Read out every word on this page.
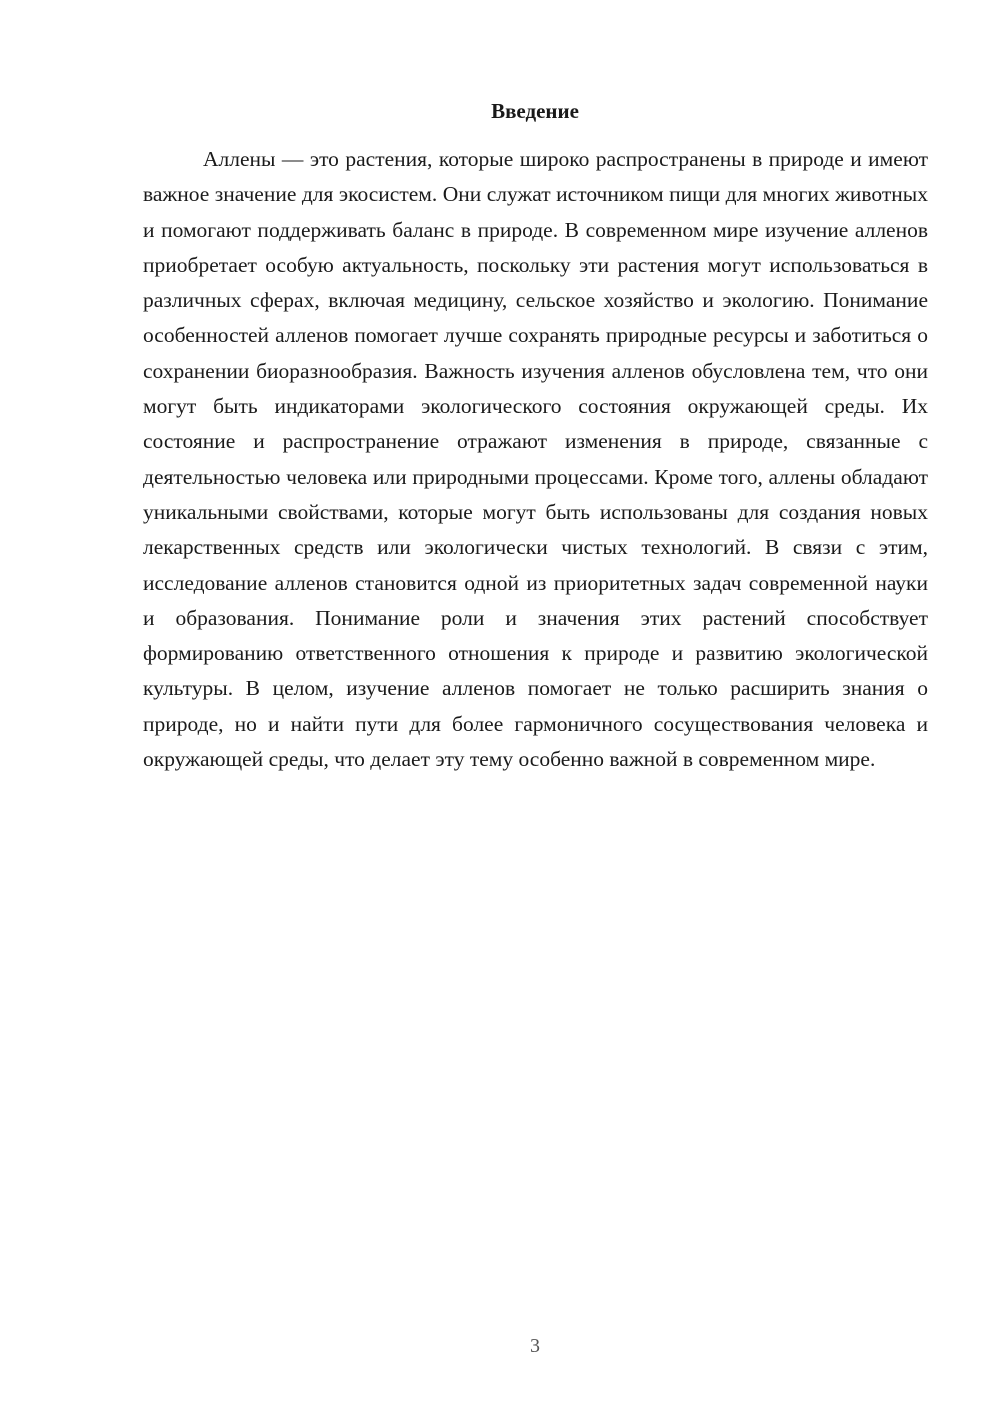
Введение

Аллены — это растения, которые широко распространены в природе и имеют важное значение для экосистем. Они служат источником пищи для многих животных и помогают поддерживать баланс в природе. В современном мире изучение алленов приобретает особую актуальность, поскольку эти растения могут использоваться в различных сферах, включая медицину, сельское хозяйство и экологию. Понимание особенностей алленов помогает лучше сохранять природные ресурсы и заботиться о сохранении биоразнообразия. Важность изучения алленов обусловлена тем, что они могут быть индикаторами экологического состояния окружающей среды. Их состояние и распространение отражают изменения в природе, связанные с деятельностью человека или природными процессами. Кроме того, аллены обладают уникальными свойствами, которые могут быть использованы для создания новых лекарственных средств или экологически чистых технологий. В связи с этим, исследование алленов становится одной из приоритетных задач современной науки и образования. Понимание роли и значения этих растений способствует формированию ответственного отношения к природе и развитию экологической культуры. В целом, изучение алленов помогает не только расширить знания о природе, но и найти пути для более гармоничного сосуществования человека и окружающей среды, что делает эту тему особенно важной в современном мире.

3
